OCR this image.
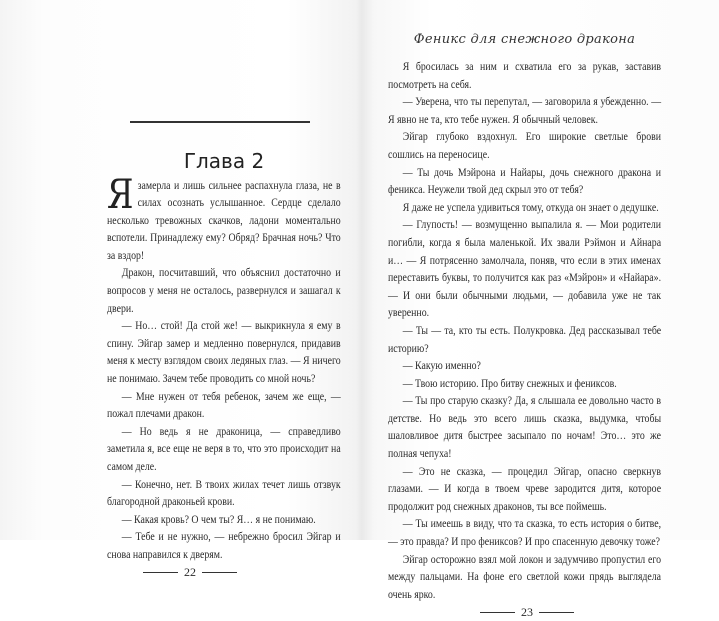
Глава 2

Язамерла и лишь сильнее распахнула глаза, не в силах осознать услышанное. Сердце сделало несколько тревожных скачков, ладони моментально вспотели. Принадлежу ему? Обряд? Брачная ночь? Что за вздор!

Дракон, посчитавший, что объяснил достаточно и вопросов у меня не осталось, развернулся и зашагал к двери.

— Но… стой! Да стой же! — выкрикнула я ему в спину. Эйгар замер и медленно повернулся, придавив меня к месту взглядом своих ледяных глаз. — Я ничего не понимаю. Зачем тебе проводить со мной ночь?

— Мне нужен от тебя ребенок, зачем же еще, — пожал плечами дракон.

— Но ведь я не драконица, — справедливо заметила я, все еще не веря в то, что это происходит на самом деле.

— Конечно, нет. В твоих жилах течет лишь отзвук благородной драконьей крови.

— Какая кровь? О чем ты? Я… я не понимаю.

— Тебе и не нужно, — небрежно бросил Эйгар и снова направился к дверям.

22
Феникс для снежного дракона

Я бросилась за ним и схватила его за рукав, заставив посмотреть на себя.

— Уверена, что ты перепутал, — заговорила я убежденно. — Я явно не та, кто тебе нужен. Я обычный человек.

Эйгар глубоко вздохнул. Его широкие светлые брови сошлись на переносице.

— Ты дочь Мэйрона и Найары, дочь снежного дракона и феникса. Неужели твой дед скрыл это от тебя?

Я даже не успела удивиться тому, откуда он знает о дедушке.

— Глупость! — возмущенно выпалила я. — Мои родители погибли, когда я была маленькой. Их звали Рэймон и Айнара и… — Я потрясенно замолчала, поняв, что если в этих именах переставить буквы, то получится как раз «Мэйрон» и «Найара». — И они были обычными людьми, — добавила уже не так уверенно.

— Ты — та, кто ты есть. Полукровка. Дед рассказывал тебе историю?

— Какую именно?

— Твою историю. Про битву снежных и фениксов.

— Ты про старую сказку? Да, я слышала ее довольно часто в детстве. Но ведь это всего лишь сказка, выдумка, чтобы шаловливое дитя быстрее засыпало по ночам! Это… это же полная чепуха!

— Это не сказка, — процедил Эйгар, опасно сверкнув глазами. — И когда в твоем чреве зародится дитя, которое продолжит род снежных драконов, ты все поймешь.

— Ты имеешь в виду, что та сказка, то есть история о битве, — это правда? И про фениксов? И про спасенную девочку тоже?

Эйгар осторожно взял мой локон и задумчиво пропустил его между пальцами. На фоне его светлой кожи прядь выглядела очень ярко.

23
